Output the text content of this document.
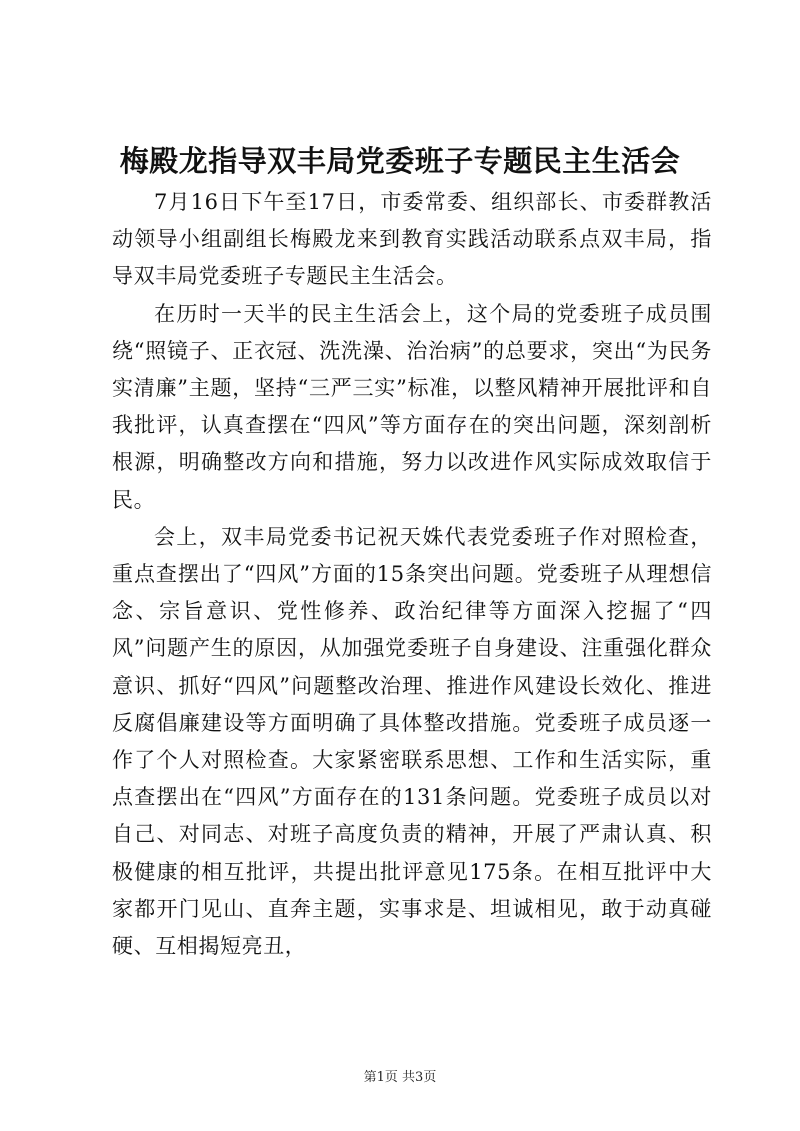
梅殿龙指导双丰局党委班子专题民主生活会

7月16日下午至17日，市委常委、组织部长、市委群教活动领导小组副组长梅殿龙来到教育实践活动联系点双丰局，指导双丰局党委班子专题民主生活会。

在历时一天半的民主生活会上，这个局的党委班子成员围绕“照镜子、正衣冠、洗洗澡、治治病”的总要求，突出“为民务实清廉”主题，坚持“三严三实”标准，以整风精神开展批评和自我批评，认真查摆在“四风”等方面存在的突出问题，深刻剖析根源，明确整改方向和措施，努力以改进作风实际成效取信于民。

会上，双丰局党委书记祝天姝代表党委班子作对照检查，重点查摆出了“四风”方面的15条突出问题。党委班子从理想信念、宗旨意识、党性修养、政治纪律等方面深入挖掘了“四风”问题产生的原因，从加强党委班子自身建设、注重强化群众意识、抓好“四风”问题整改治理、推进作风建设长效化、推进反腐倡廉建设等方面明确了具体整改措施。党委班子成员逐一作了个人对照检查。大家紧密联系思想、工作和生活实际，重点查摆出在“四风”方面存在的131条问题。党委班子成员以对自己、对同志、对班子高度负责的精神，开展了严肃认真、积极健康的相互批评，共提出批评意见175条。在相互批评中大家都开门见山、直奔主题，实事求是、坦诚相见，敢于动真碰硬、互相揭短亮丑，

第1页 共3页
